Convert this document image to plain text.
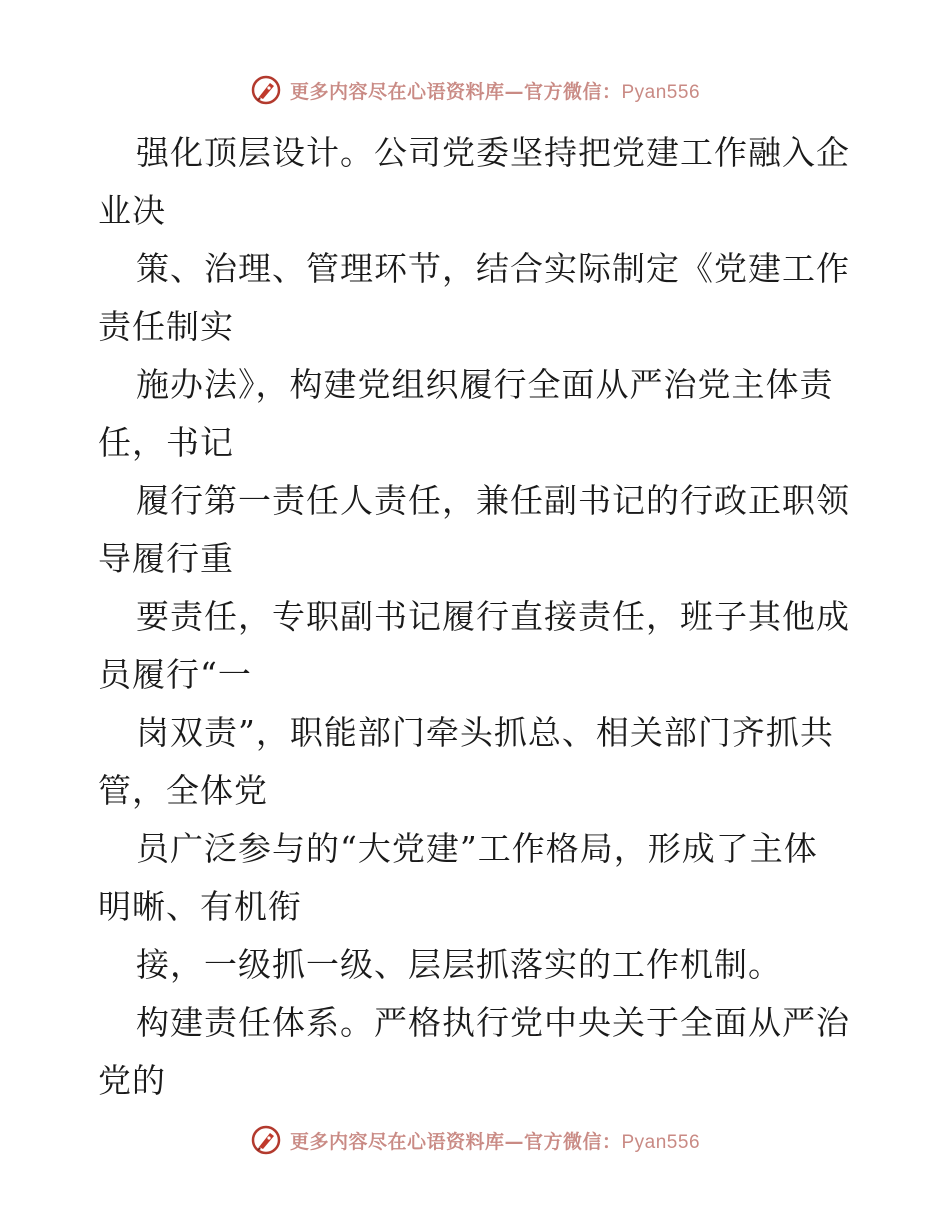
更多内容尽在心语资料库—官方微信：Pyan556
强化顶层设计。公司党委坚持把党建工作融入企
业决
策、治理、管理环节，结合实际制定《党建工作
责任制实
施办法》，构建党组织履行全面从严治党主体责
任，书记
履行第一责任人责任，兼任副书记的行政正职领
导履行重
要责任，专职副书记履行直接责任，班子其他成
员履行“一
岗双责”，职能部门牵头抓总、相关部门齐抓共
管，全体党
员广泛参与的“大党建”工作格局，形成了主体
明晰、有机衔
接，一级抓一级、层层抓落实的工作机制。
构建责任体系。严格执行党中央关于全面从严治
党的
更多内容尽在心语资料库—官方微信：Pyan556
